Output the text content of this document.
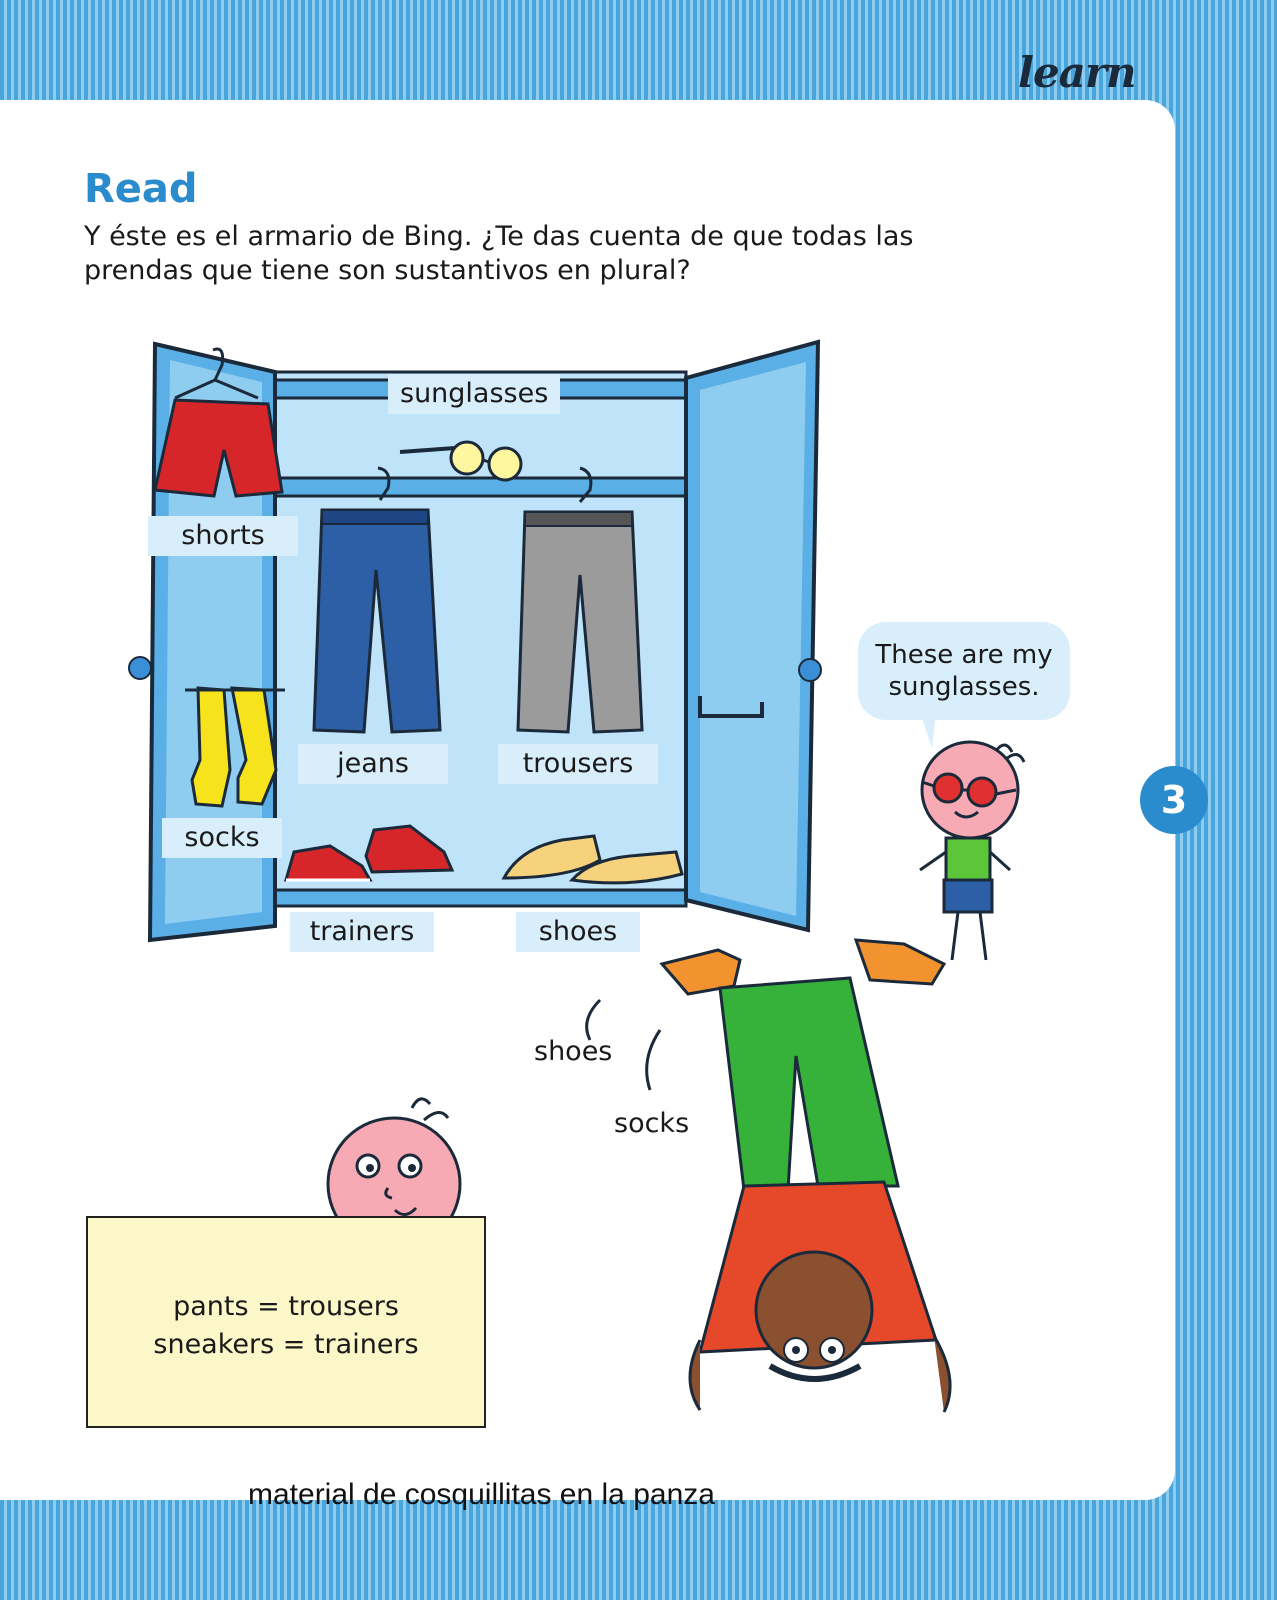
learn
Read
Y éste es el armario de Bing. ¿Te das cuenta de que todas las
prendas que tiene son sustantivos en plural?
sunglasses
shorts
jeans	trousers
socks
trainers	shoes
These are my
sunglasses.
shoes
socks
pants = trousers
sneakers = trainers
3
material de cosquillitas en la panza
